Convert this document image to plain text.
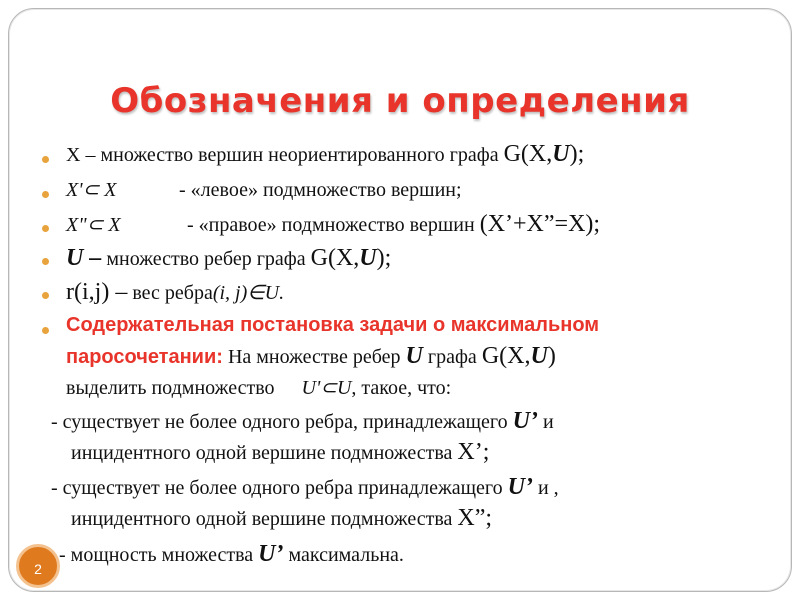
Обозначения и определения
X – множество вершин неориентированного графа G(X,U);
X'⊂ X	- «левое» подмножество вершин;
X"⊂ X	- «правое» подмножество вершин (X’+X”=X);
U – множество ребер графа G(X,U);
r(i,j) – вес ребра(i, j)∈U.
Содержательная постановка задачи о максимальном
паросочетании: На множестве ребер U графа G(X,U)
выделить подмножество U'⊂U, такое, что:
- существует не более одного ребра, принадлежащего U’ и
инцидентного одной вершине подмножества X’;
- существует не более одного ребра принадлежащего U’ и ,
инцидентного одной вершине подмножества X”;
- мощность множества U’ максимальна.
2
